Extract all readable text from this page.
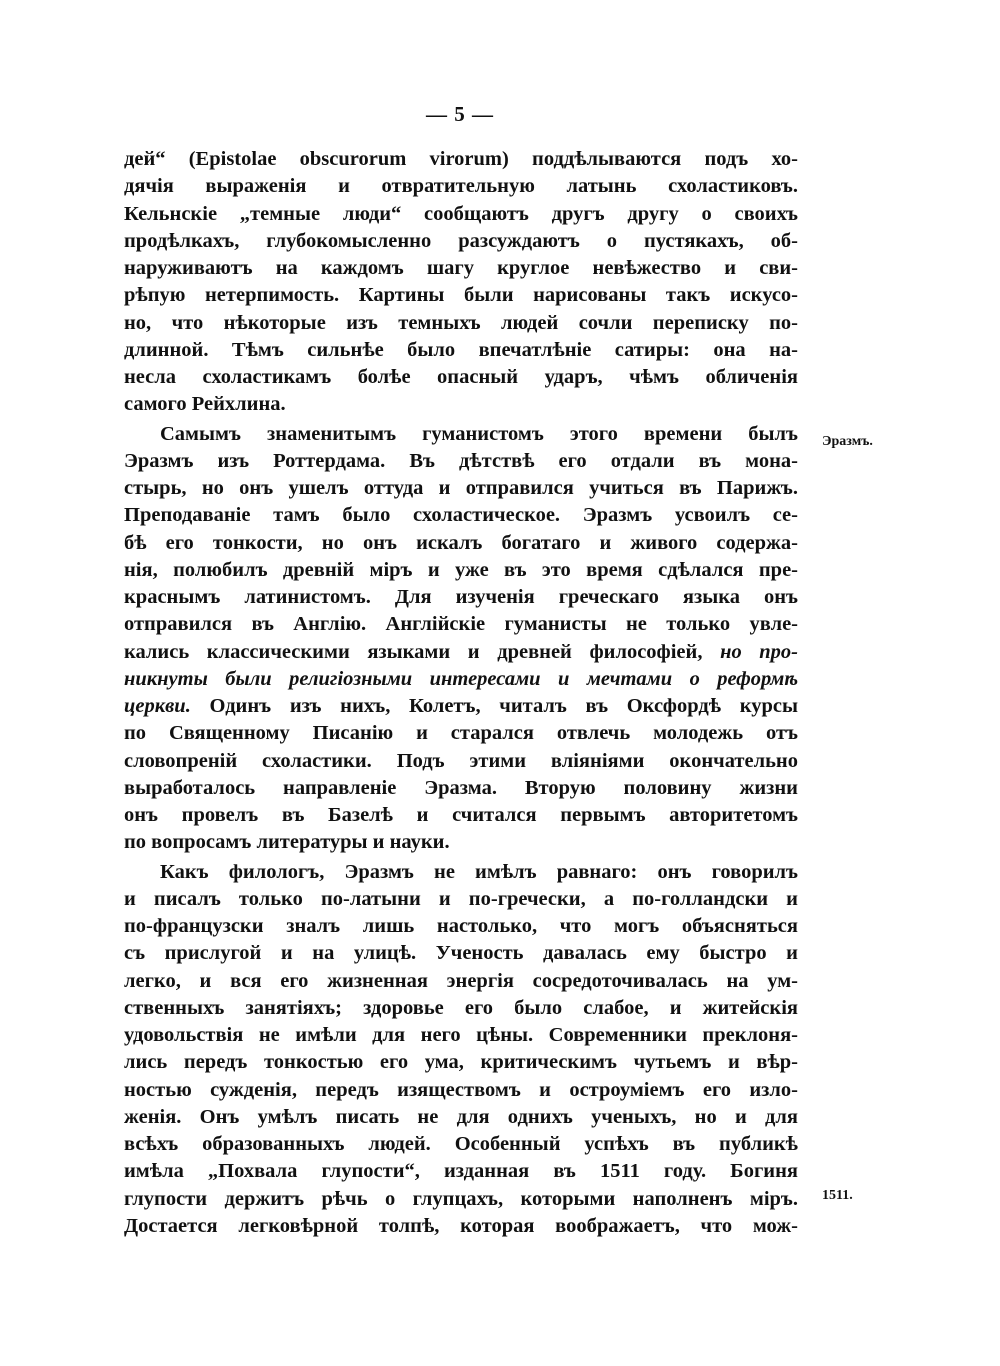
— 5 —
дей“ (Epistolae obscurorum virorum) поддѣлываются подъ хо-
дячія выраженія и отвратительную латынь схоластиковъ.
Кельнскіе „темные люди“ сообщаютъ другъ другу о своихъ
продѣлкахъ, глубокомысленно разсуждаютъ о пустякахъ, об-
наруживаютъ на каждомъ шагу круглое невѣжество и сви-
рѣпую нетерпимость. Картины были нарисованы такъ искусо-
но, что нѣкоторые изъ темныхъ людей сочли переписку по-
длинной. Тѣмъ сильнѣе было впечатлѣніе сатиры: она на-
несла схоластикамъ болѣе опасный ударъ, чѣмъ обличенія
самого Рейхлина.
Самымъ знаменитымъ гуманистомъ этого времени былъ
Эразмъ изъ Роттердама. Въ дѣтствѣ его отдали въ мона-
стырь, но онъ ушелъ оттуда и отправился учиться въ Парижъ.
Преподаваніе тамъ было схоластическое. Эразмъ усвоилъ се-
бѣ его тонкости, но онъ искалъ богатаго и живого содержа-
нія, полюбилъ древній міръ и уже въ это время сдѣлался пре-
краснымъ латинистомъ. Для изученія греческаго языка онъ
отправился въ Англію. Англійскіе гуманисты не только увле-
кались классическими языками и древней философіей, но про-
никнуты были религіозными интересами и мечтами о реформѣ
церкви. Одинъ изъ нихъ, Колетъ, читалъ въ Оксфордѣ курсы
по Священному Писанію и старался отвлечь молодежь отъ
словопреній схоластики. Подъ этими вліяніями окончательно
выработалось направленіе Эразма. Вторую половину жизни
онъ провелъ въ Базелѣ и считался первымъ авторитетомъ
по вопросамъ литературы и науки.
Какъ филологъ, Эразмъ не имѣлъ равнаго: онъ говорилъ
и писалъ только по-латыни и по-гречески, а по-голландски и
по-французски зналъ лишь настолько, что могъ объясняться
съ прислугой и на улицѣ. Ученость давалась ему быстро и
легко, и вся его жизненная энергія сосредоточивалась на ум-
ственныхъ занятіяхъ; здоровье его было слабое, и житейскія
удовольствія не имѣли для него цѣны. Современники преклоня-
лись передъ тонкостью его ума, критическимъ чутьемъ и вѣр-
ностью сужденія, передъ изяществомъ и остроуміемъ его изло-
женія. Онъ умѣлъ писать не для однихъ ученыхъ, но и для
всѣхъ образованныхъ людей. Особенный успѣхъ въ публикѣ
имѣла „Похвала глупости“, изданная въ 1511 году. Богиня
глупости держитъ рѣчь о глупцахъ, которыми наполненъ міръ.
Достается легковѣрной толпѣ, которая воображаетъ, что мож-
Эразмъ.
1511.
